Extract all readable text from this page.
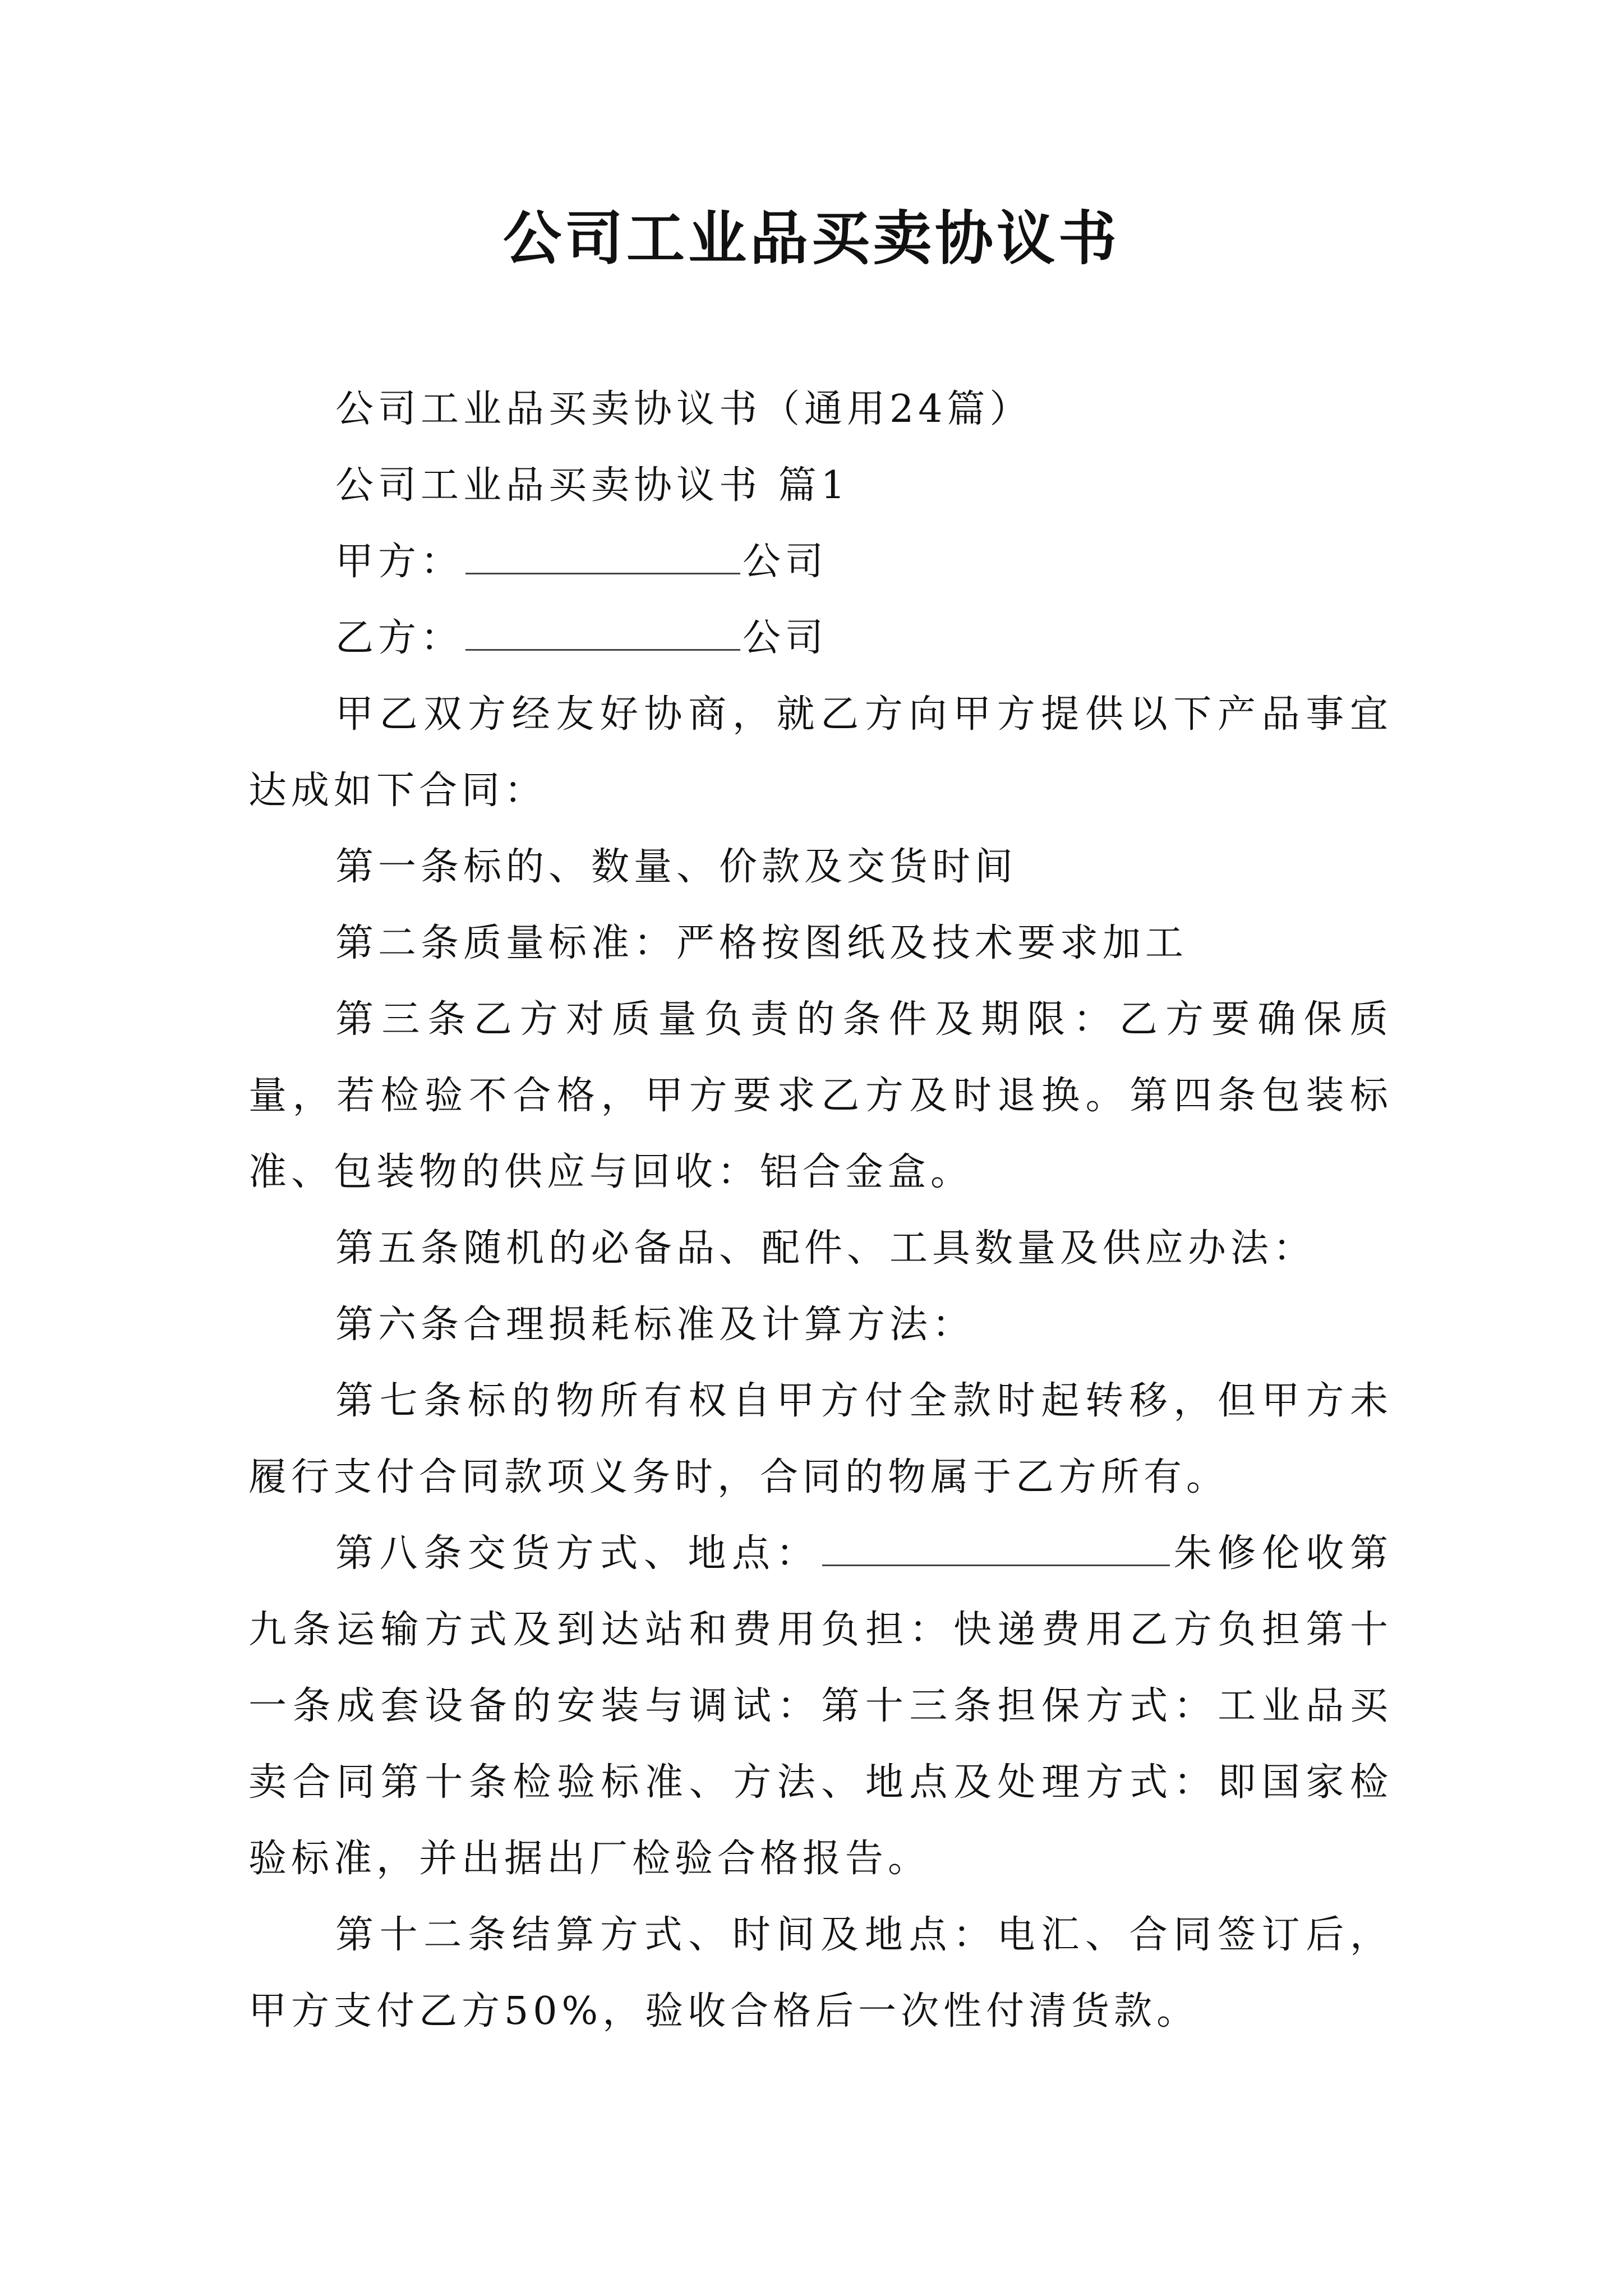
公司工业品买卖协议书

公司工业品买卖协议书（通用24篇）

公司工业品买卖协议书 篇1

甲方：	公司

乙方：	公司

甲乙双方经友好协商，就乙方向甲方提供以下产品事宜达成如下合同：

第一条标的、数量、价款及交货时间

第二条质量标准：严格按图纸及技术要求加工

第三条乙方对质量负责的条件及期限：乙方要确保质量，若检验不合格，甲方要求乙方及时退换。第四条包装标准、包装物的供应与回收：铝合金盒。

第五条随机的必备品、配件、工具数量及供应办法：

第六条合理损耗标准及计算方法：

第七条标的物所有权自甲方付全款时起转移，但甲方未履行支付合同款项义务时，合同的物属于乙方所有。

第八条交货方式、地点：	朱修伦收第九条运输方式及到达站和费用负担：快递费用乙方负担第十一条成套设备的安装与调试：第十三条担保方式：工业品买卖合同第十条检验标准、方法、地点及处理方式：即国家检验标准，并出据出厂检验合格报告。

第十二条结算方式、时间及地点：电汇、合同签订后，甲方支付乙方50%，验收合格后一次性付清货款。
